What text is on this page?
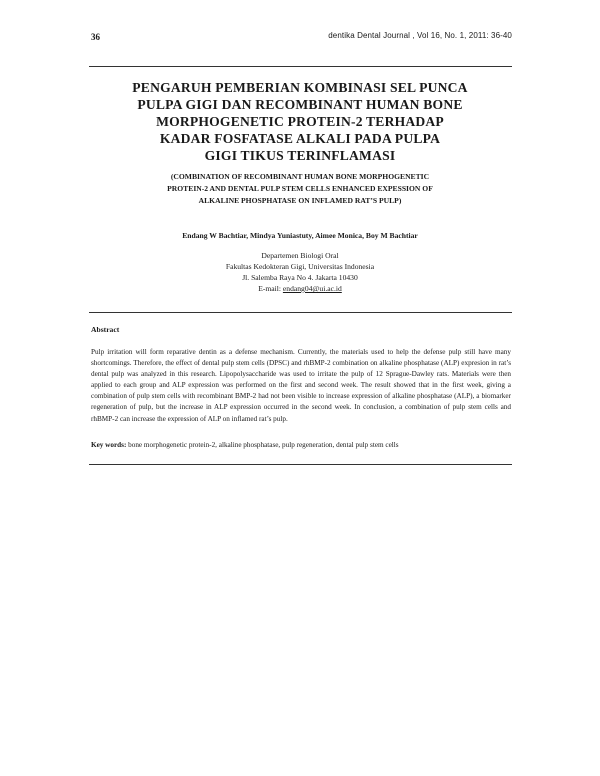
36	dentika Dental Journal , Vol 16, No. 1, 2011: 36-40
PENGARUH PEMBERIAN KOMBINASI SEL PUNCA
PULPA GIGI DAN RECOMBINANT HUMAN BONE
MORPHOGENETIC PROTEIN-2 TERHADAP
KADAR FOSFATASE ALKALI PADA PULPA
GIGI TIKUS TERINFLAMASI
(COMBINATION OF RECOMBINANT HUMAN BONE MORPHOGENETIC
PROTEIN-2 AND DENTAL PULP STEM CELLS ENHANCED EXPESSION OF
ALKALINE PHOSPHATASE ON INFLAMED RAT’S PULP)
Endang W Bachtiar, Mindya Yuniastuty, Aimee Monica, Boy M Bachtiar
Departemen Biologi Oral
Fakultas Kedokteran Gigi, Universitas Indonesia
Jl. Salemba Raya No 4. Jakarta 10430
E-mail: endang04@ui.ac.id
Abstract

Pulp irritation will form reparative dentin as a defense mechanism. Currently, the materials used to help the defense pulp still have many shortcomings. Therefore, the effect of dental pulp stem cells (DPSC) and rhBMP-2 combination on alkaline phosphatase (ALP) expresion in rat’s dental pulp was analyzed in this research. Lipopolysaccharide was used to irritate the pulp of 12 Sprague-Dawley rats. Materials were then applied to each group and ALP expression was performed on the first and second week. The result showed that in the first week, giving a combination of pulp stem cells with recombinant BMP-2 had not been visible to increase expression of alkaline phosphatase (ALP), a biomarker regeneration of pulp, but the increase in ALP expression occurred in the second week. In conclusion, a combination of pulp stem cells and rhBMP-2 can increase the expression of ALP on inflamed rat’s pulp.

Key words: bone morphogenetic protein-2, alkaline phosphatase, pulp regeneration, dental pulp stem cells
